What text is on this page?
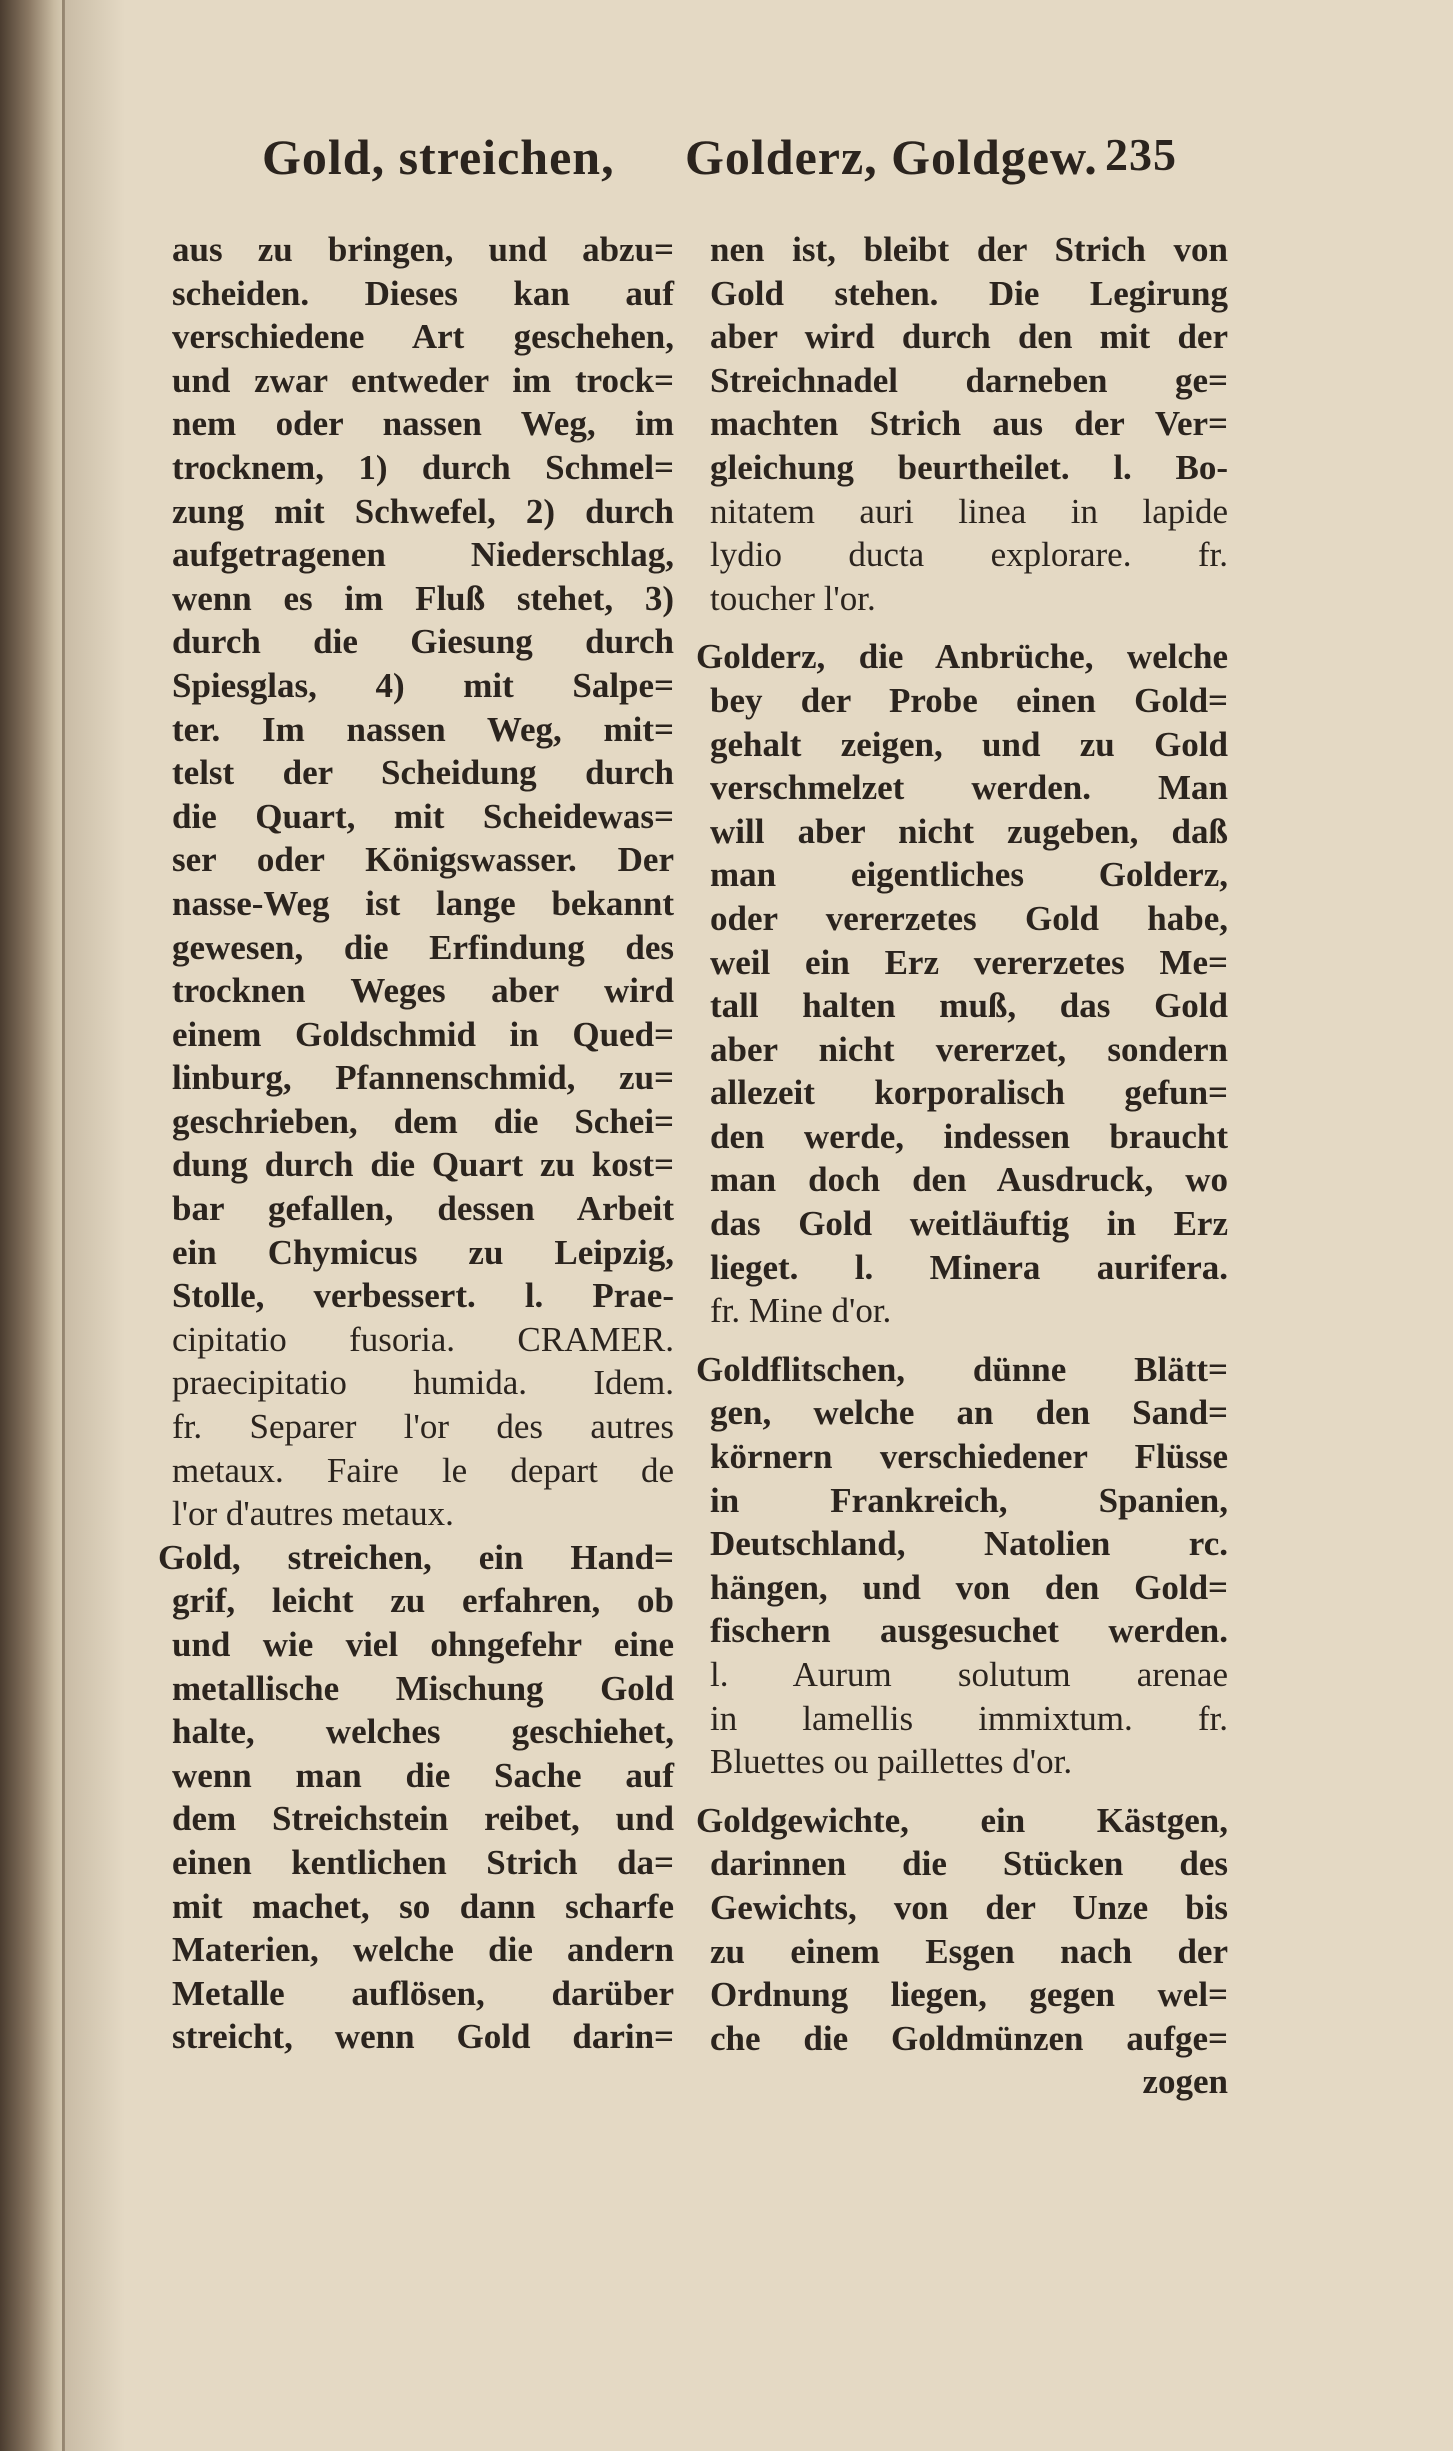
Gold, streichen, Golderz, Goldgew. 235
aus zu bringen, und abzu=
scheiden. Dieses kan auf
verschiedene Art geschehen,
und zwar entweder im trock=
nem oder nassen Weg, im
trocknem, 1) durch Schmel=
zung mit Schwefel, 2) durch
aufgetragenen Niederschlag,
wenn es im Fluß stehet, 3)
durch die Giesung durch
Spiesglas, 4) mit Salpe=
ter. Im nassen Weg, mit=
telst der Scheidung durch
die Quart, mit Scheidewas=
ser oder Königswasser. Der
nasse-Weg ist lange bekannt
gewesen, die Erfindung des
trocknen Weges aber wird
einem Goldschmid in Qued=
linburg, Pfannenschmid, zu=
geschrieben, dem die Schei=
dung durch die Quart zu kost=
bar gefallen, dessen Arbeit
ein Chymicus zu Leipzig,
Stolle, verbessert. l. Prae-
cipitatio fusoria. CRAMER.
praecipitatio humida. Idem.
fr. Separer l'or des autres
metaux. Faire le depart de
l'or d'autres metaux.
Gold, streichen, ein Hand=
grif, leicht zu erfahren, ob
und wie viel ohngefehr eine
metallische Mischung Gold
halte, welches geschiehet,
wenn man die Sache auf
dem Streichstein reibet, und
einen kentlichen Strich da=
mit machet, so dann scharfe
Materien, welche die andern
Metalle auflösen, darüber
streicht, wenn Gold darin=
nen ist, bleibt der Strich von
Gold stehen. Die Legirung
aber wird durch den mit der
Streichnadel darneben ge=
machten Strich aus der Ver=
gleichung beurtheilet. l. Bo-
nitatem auri linea in lapide
lydio ducta explorare. fr.
toucher l'or.
Golderz, die Anbrüche, welche
bey der Probe einen Gold=
gehalt zeigen, und zu Gold
verschmelzet werden. Man
will aber nicht zugeben, daß
man eigentliches Golderz,
oder vererzetes Gold habe,
weil ein Erz vererzetes Me=
tall halten muß, das Gold
aber nicht vererzet, sondern
allezeit korporalisch gefun=
den werde, indessen braucht
man doch den Ausdruck, wo
das Gold weitläuftig in Erz
lieget. l. Minera aurifera.
fr. Mine d'or.
Goldflitschen, dünne Blätt=
gen, welche an den Sand=
körnern verschiedener Flüsse
in Frankreich, Spanien,
Deutschland, Natolien rc.
hängen, und von den Gold=
fischern ausgesuchet werden.
l. Aurum solutum arenae
in lamellis immixtum. fr.
Bluettes ou paillettes d'or.
Goldgewichte, ein Kästgen,
darinnen die Stücken des
Gewichts, von der Unze bis
zu einem Esgen nach der
Ordnung liegen, gegen wel=
che die Goldmünzen aufge=
zogen
